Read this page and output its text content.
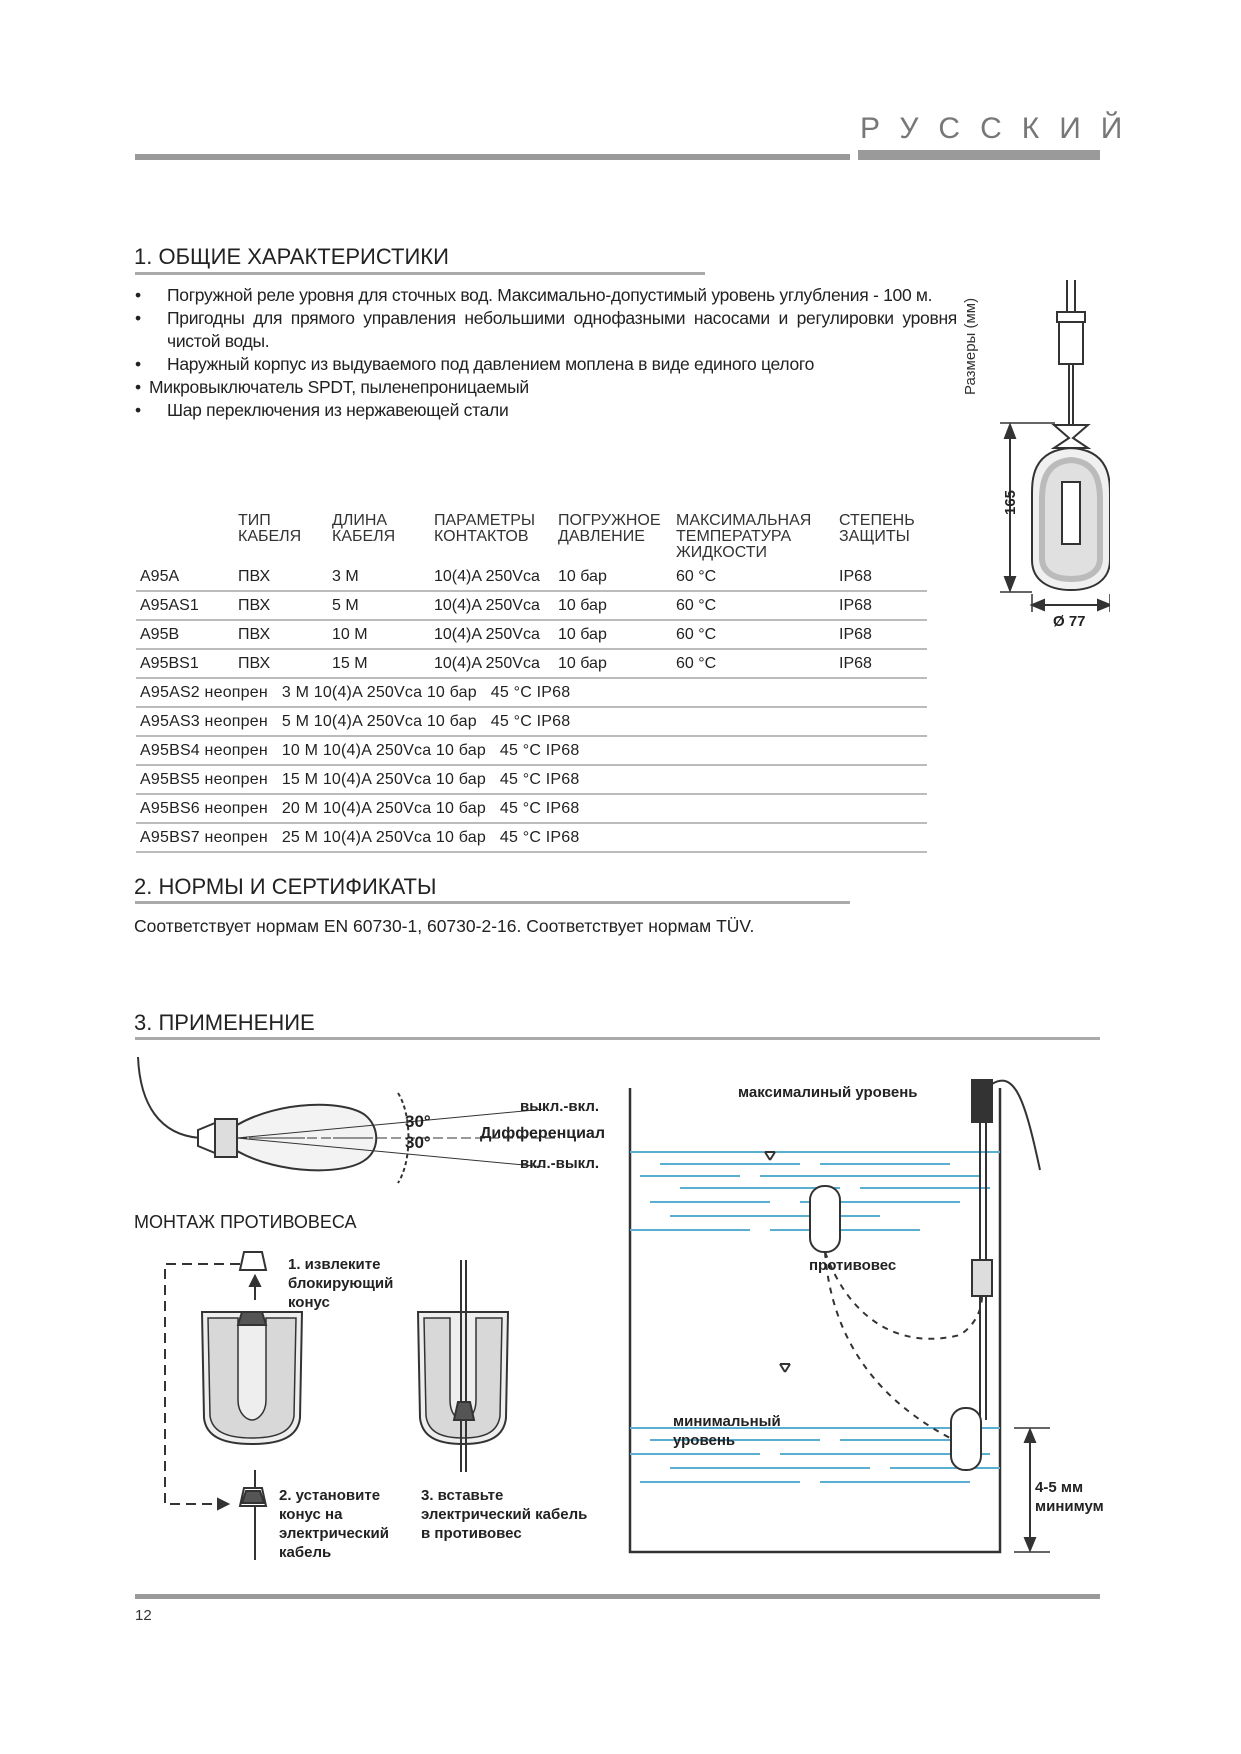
РУССКИЙ
1. ОБЩИЕ ХАРАКТЕРИСТИКИ
• Погружной реле уровня для сточных вод. Максимально-допустимый уровень углубления - 100 м.
• Пригодны для прямого управления небольшими однофазными насосами и регулировки уровня чистой воды.
• Наружный корпус из выдуваемого под давлением моплена в виде единого целого
• Микровыключатель SPDT, пыленепроницаемый
• Шар переключения из нержавеющей стали
	ТИП КАБЕЛЯ	ДЛИНА КАБЕЛЯ	ПАРАМЕТРЫ КОНТАКТОВ	ПОГРУЖНОЕ ДАВЛЕНИЕ	МАКСИМАЛЬНАЯ ТЕМПЕРАТУРА ЖИДКОСТИ	СТЕПЕНЬ ЗАЩИТЫ
A95A	ПВХ	3 M	10(4)A 250Vca	10 бар	60 °C	IP68
A95AS1	ПВХ	5 M	10(4)A 250Vca	10 бар	60 °C	IP68
A95B	ПВХ	10 M	10(4)A 250Vca	10 бар	60 °C	IP68
A95BS1	ПВХ	15 M	10(4)A 250Vca	10 бар	60 °C	IP68
A95AS2 неопрен   3 M 10(4)A 250Vca 10 бар   45 °C IP68						
A95AS3 неопрен   5 M 10(4)A 250Vca 10 бар   45 °C IP68						
A95BS4 неопрен   10 M 10(4)A 250Vca 10 бар   45 °C IP68						
A95BS5 неопрен   15 M 10(4)A 250Vca 10 бар   45 °C IP68						
A95BS6 неопрен   20 M 10(4)A 250Vca 10 бар   45 °C IP68						
A95BS7 неопрен   25 M 10(4)A 250Vca 10 бар   45 °C IP68						
Размеры (мм)
165
Ø 77
2. НОРМЫ И СЕРТИФИКАТЫ
Соответствует нормам EN 60730-1, 60730-2-16. Соответствует нормам TÜV.
3. ПРИМЕНЕНИЕ
30°
30°
выкл.-вкл.
Дифференциал
вкл.-выкл.
МОНТАЖ ПРОТИВОВЕСА
1. извлеките
блокирующий
конус
2. установите
конус на
электрический
кабель
3. вставьте
электрический кабель
в противовес
максималиный уровень
противовес
минимальный
уровень
4-5 мм
минимум
12
